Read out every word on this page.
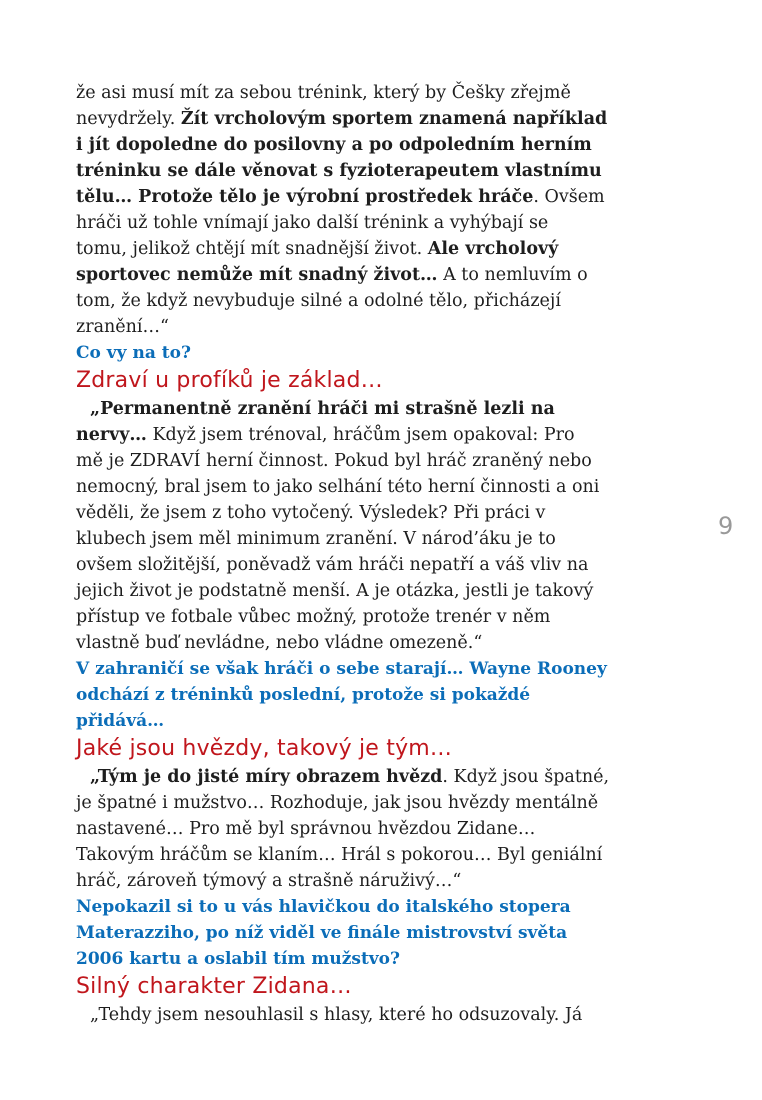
že asi musí mít za sebou trénink, který by Češky zřejmě
nevydržely. Žít vrcholovým sportem znamená například
i jít dopoledne do posilovny a po odpoledním herním
tréninku se dále věnovat s fyzioterapeutem vlastnímu
tělu… Protože tělo je výrobní prostředek hráče. Ovšem
hráči už tohle vnímají jako další trénink a vyhýbají se
tomu, jelikož chtějí mít snadnější život. Ale vrcholový
sportovec nemůže mít snadný život… A to nemluvím o
tom, že když nevybuduje silné a odolné tělo, přicházejí
zranění…“
Co vy na to?
Zdraví u profíků je základ…
„Permanentně zranění hráči mi strašně lezli na
nervy… Když jsem trénoval, hráčům jsem opakoval: Pro
mě je ZDRAVÍ herní činnost. Pokud byl hráč zraněný nebo
nemocný, bral jsem to jako selhání této herní činnosti a oni
věděli, že jsem z toho vytočený. Výsledek? Při práci v
klubech jsem měl minimum zranění. V národ’áku je to
ovšem složitější, poněvadž vám hráči nepatří a váš vliv na
jejich život je podstatně menší. A je otázka, jestli je takový
přístup ve fotbale vůbec možný, protože trenér v něm
vlastně buď nevládne, nebo vládne omezeně.“
V zahraničí se však hráči o sebe starají… Wayne Rooney
odchází z tréninků poslední, protože si pokaždé
přidává…
Jaké jsou hvězdy, takový je tým…
„Tým je do jisté míry obrazem hvězd. Když jsou špatné,
je špatné i mužstvo… Rozhoduje, jak jsou hvězdy mentálně
nastavené… Pro mě byl správnou hvězdou Zidane…
Takovým hráčům se klaním… Hrál s pokorou… Byl geniální
hráč, zároveň týmový a strašně náruživý…“
Nepokazil si to u vás hlavičkou do italského stopera
Materazziho, po níž viděl ve finále mistrovství světa
2006 kartu a oslabil tím mužstvo?
Silný charakter Zidana…
„Tehdy jsem nesouhlasil s hlasy, které ho odsuzovaly. Já
9
